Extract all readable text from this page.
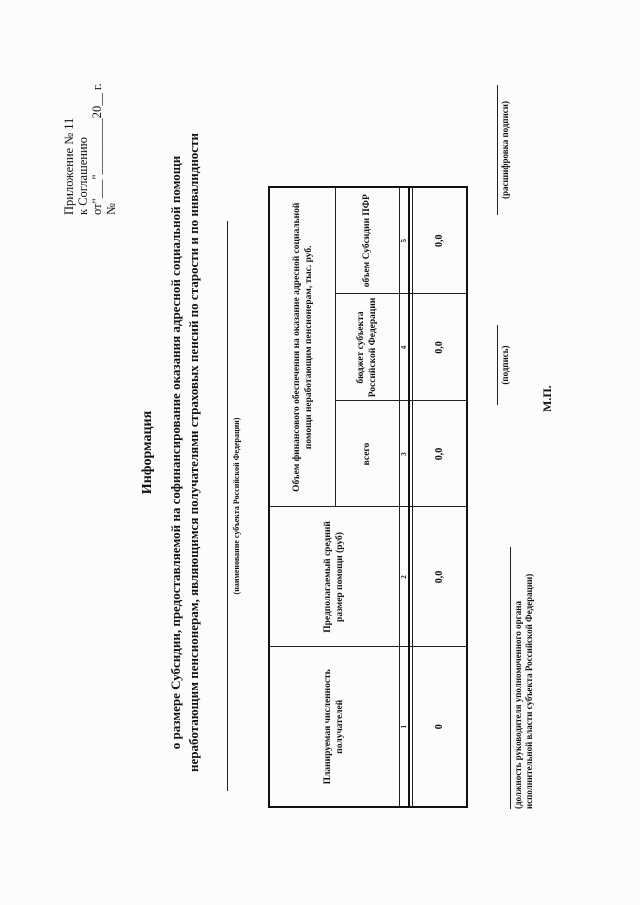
Приложение № 11 к Соглашению от"___"_________20__ г. №
Информация о размере Субсидии, предоставляемой на софинансирование оказания адресной социальной помощи неработающим пенсионерам, являющимся получателями страховых пенсий по старости и по инвалидности	(наименование субъекта Российской Федерации)
Планируемая численность получателей	Предполагаемый средний размер помощи (руб)	Объем финансового обеспечения на оказание адресной социальной помощи неработающим пенсионерам, тыс. руб.		
		всего	бюджет субъекта Российской Федерации	объем Субсидии ПФР
1	2	3	4	5

0	0,0	0,0	0,0	0,0
(должность руководителя уполномоченного органа исполнительной власти субъекта Российской Федерации)
(подпись)
(расшифровка подписи)
М.П.
